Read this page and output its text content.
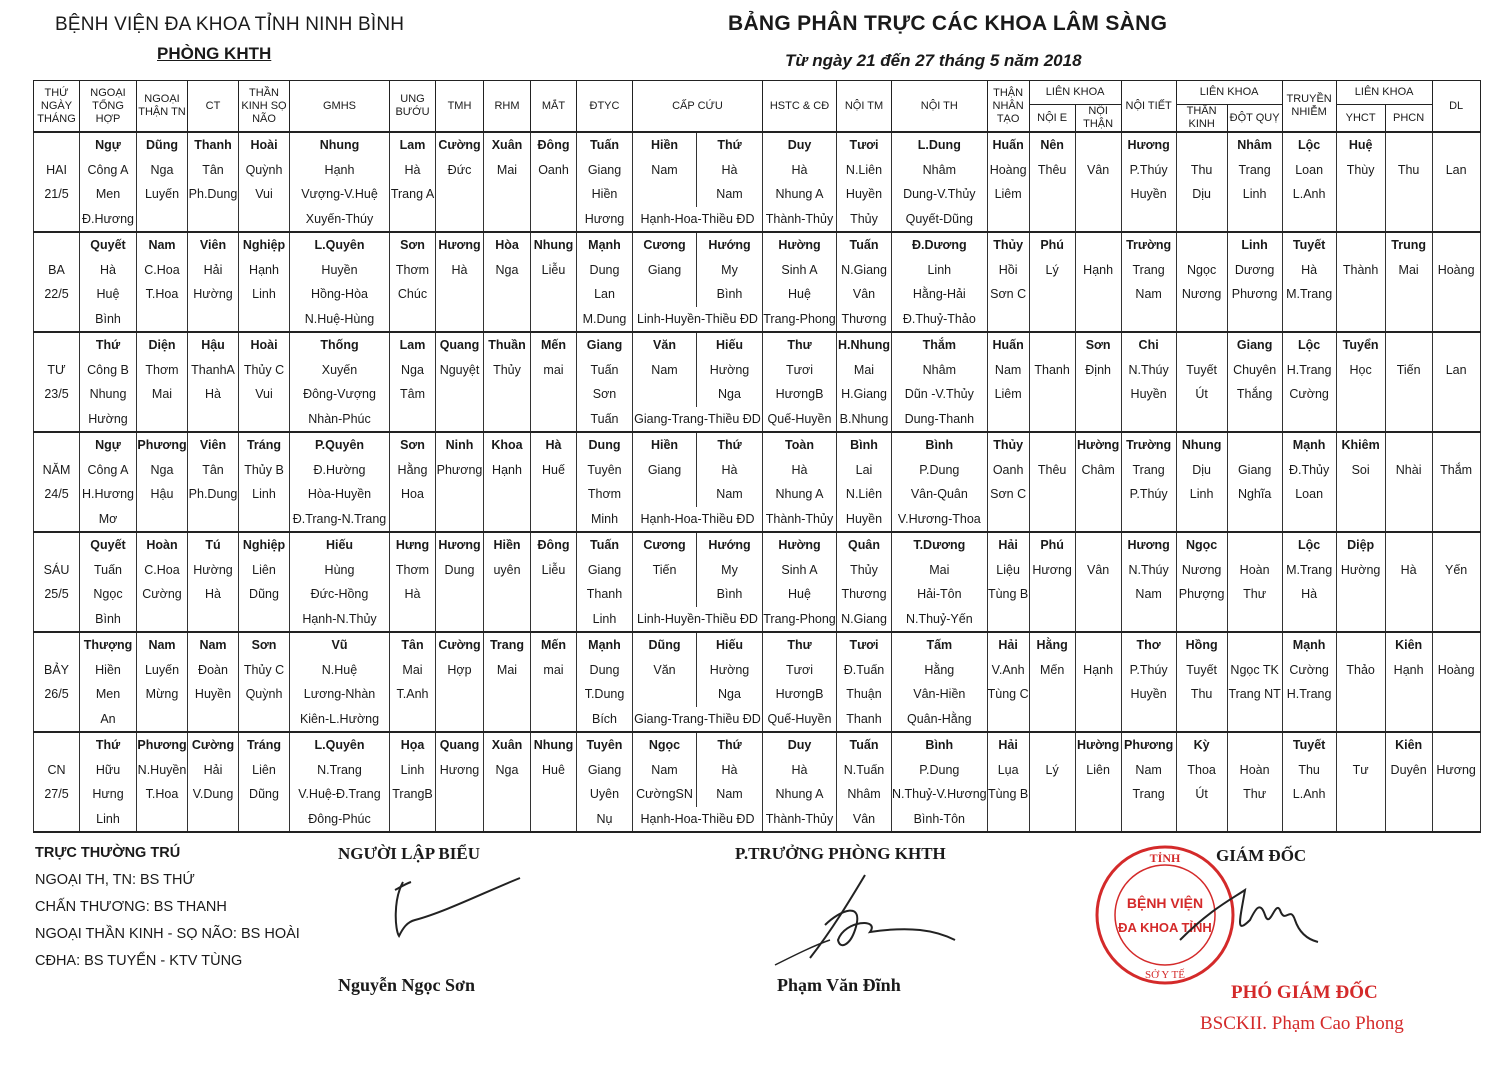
BỆNH VIỆN ĐA KHOA TỈNH NINH BÌNH
PHÒNG KHTH
BẢNG PHÂN TRỰC CÁC KHOA LÂM SÀNG
Từ ngày 21 đến 27 tháng 5 năm 2018
THỨ NGÀY THÁNG	NGOẠI TỔNG HỢP	NGOẠI THẬN TN	CT	THẦN KINH SỌ NÃO	GMHS	UNG BƯỚU	TMH	RHM	MẮT	ĐTYC	CẤP CỨU		HSTC & CĐ	NỘI TM	NỘI TH	THẬN NHÂN TẠO	LIÊN KHOA		NỘI TIẾT	LIÊN KHOA		TRUYỀN NHIỄM	LIÊN KHOA		DL
																	NỘI E	NỘI THẬN		THẦN KINH	ĐỘT QUỴ		YHCT	PHCN	
	Ngự	Dũng	Thanh	Hoài	Nhung	Lam	Cường	Xuân	Đông	Tuấn	Hiền	Thứ	Duy	Tươi	L.Dung	Huấn	Nên		Hương		Nhâm	Lộc	Huệ		
HAI	Công A	Nga	Tân	Quỳnh	Hạnh	Hà	Đức	Mai	Oanh	Giang	Nam	Hà	Hà	N.Liên	Nhâm	Hoàng	Thêu	Vân	P.Thúy	Thu	Trang	Loan	Thùy	Thu	Lan
21/5	Men	Luyến	Ph.Dung	Vui	Vượng-V.Huệ	Trang A				Hiền		Nam	Nhung A	Huyền	Dung-V.Thủy	Liêm			Huyền	Dịu	Linh	L.Anh			
	Đ.Hương				Xuyến-Thúy					Hương	Hạnh-Hoa-Thiều ĐD		Thành-Thủy	Thủy	Quyết-Dũng										
	Quyết	Nam	Viên	Nghiệp	L.Quyên	Sơn	Hương	Hòa	Nhung	Mạnh	Cương	Hướng	Hường	Tuấn	Đ.Dương	Thủy	Phú		Trường		Linh	Tuyết		Trung	
BA	Hà	C.Hoa	Hải	Hạnh	Huyền	Thơm	Hà	Nga	Liễu	Dung	Giang	My	Sinh A	N.Giang	Linh	Hồi	Lý	Hạnh	Trang	Ngọc	Dương	Hà	Thành	Mai	Hoàng
22/5	Huệ	T.Hoa	Hường	Linh	Hồng-Hòa	Chúc				Lan		Bình	Huệ	Vân	Hằng-Hải	Sơn C			Nam	Nương	Phương	M.Trang			
	Bình				N.Huệ-Hùng					M.Dung	Linh-Huyền-Thiều ĐD		Trang-Phong	Thương	Đ.Thuỷ-Thảo										
	Thứ	Diện	Hậu	Hoài	Thống	Lam	Quang	Thuần	Mến	Giang	Văn	Hiếu	Thư	H.Nhung	Thắm	Huấn		Sơn	Chi		Giang	Lộc	Tuyển		
TƯ	Công B	Thơm	ThanhA	Thủy C	Xuyến	Nga	Nguyệt	Thủy	mai	Tuấn	Nam	Hường	Tươi	Mai	Nhâm	Nam	Thanh	Định	N.Thúy	Tuyết	Chuyên	H.Trang	Học	Tiến	Lan
23/5	Nhung	Mai	Hà	Vui	Đông-Vượng	Tâm				Sơn		Nga	HươngB	H.Giang	Dũn -V.Thủy	Liêm			Huyền	Út	Thắng	Cường			
	Hường				Nhàn-Phúc					Tuấn	Giang-Trang-Thiều ĐD		Quế-Huyền	B.Nhung	Dung-Thanh										
	Ngự	Phương	Viên	Tráng	P.Quyên	Sơn	Ninh	Khoa	Hà	Dung	Hiền	Thứ	Toàn	Bình	Bình	Thủy		Hường	Trường	Nhung		Mạnh	Khiêm		
NĂM	Công A	Nga	Tân	Thủy B	Đ.Hường	Hằng	Phương	Hạnh	Huế	Tuyên	Giang	Hà	Hà	Lai	P.Dung	Oanh	Thêu	Châm	Trang	Dịu	Giang	Đ.Thủy	Soi	Nhài	Thắm
24/5	H.Hương	Hậu	Ph.Dung	Linh	Hòa-Huyền	Hoa				Thơm		Nam	Nhung A	N.Liên	Vân-Quân	Sơn C			P.Thúy	Linh	Nghĩa	Loan			
	Mơ				Đ.Trang-N.Trang					Minh	Hạnh-Hoa-Thiều ĐD		Thành-Thủy	Huyền	V.Hương-Thoa										
	Quyết	Hoàn	Tú	Nghiệp	Hiếu	Hưng	Hương	Hiền	Đông	Tuấn	Cương	Hướng	Hường	Quân	T.Dương	Hải	Phú		Hương	Ngọc		Lộc	Diệp		
SÁU	Tuấn	C.Hoa	Hường	Liên	Hùng	Thơm	Dung	uyên	Liễu	Giang	Tiến	My	Sinh A	Thủy	Mai	Liệu	Hương	Vân	N.Thúy	Nương	Hoàn	M.Trang	Hường	Hà	Yến
25/5	Ngọc	Cường	Hà	Dũng	Đức-Hồng	Hà				Thanh		Bình	Huệ	Thương	Hải-Tôn	Tùng B			Nam	Phượng	Thư	Hà			
	Bình				Hạnh-N.Thủy					Linh	Linh-Huyền-Thiều ĐD		Trang-Phong	N.Giang	N.Thuỷ-Yến										
	Thượng	Nam	Nam	Sơn	Vũ	Tân	Cường	Trang	Mến	Mạnh	Dũng	Hiếu	Thư	Tươi	Tấm	Hải	Hằng		Thơ	Hồng		Mạnh		Kiên	
BẢY	Hiền	Luyến	Đoàn	Thủy C	N.Huệ	Mai	Hợp	Mai	mai	Dung	Văn	Hường	Tươi	Đ.Tuấn	Hằng	V.Anh	Mến	Hạnh	P.Thúy	Tuyết	Ngọc TK	Cường	Thảo	Hạnh	Hoàng
26/5	Men	Mừng	Huyền	Quỳnh	Lương-Nhàn	T.Anh				T.Dung		Nga	HươngB	Thuận	Vân-Hiền	Tùng C			Huyền	Thu	Trang NT	H.Trang			
	An				Kiên-L.Hường					Bích	Giang-Trang-Thiều ĐD		Quế-Huyền	Thanh	Quân-Hằng										
	Thứ	Phương	Cường	Tráng	L.Quyên	Họa	Quang	Xuân	Nhung	Tuyên	Ngọc	Thứ	Duy	Tuấn	Bình	Hải		Hường	Phương	Kỳ		Tuyết		Kiên	
CN	Hữu	N.Huyền	Hải	Liên	N.Trang	Linh	Hương	Nga	Huê	Giang	Nam	Hà	Hà	N.Tuấn	P.Dung	Lụa	Lý	Liên	Nam	Thoa	Hoàn	Thu	Tư	Duyên	Hương
27/5	Hưng	T.Hoa	V.Dung	Dũng	V.Huệ-Đ.Trang	TrangB				Uyên	CườngSN	Nam	Nhung A	Nhâm	N.Thuỷ-V.Hương	Tùng B			Trang	Út	Thư	L.Anh			
	Linh				Đông-Phúc					Nụ	Hạnh-Hoa-Thiều ĐD		Thành-Thủy	Vân	Bình-Tôn										
TRỰC THƯỜNG TRÚ
NGOẠI TH, TN: BS THỨ
CHẤN THƯƠNG: BS THANH
NGOẠI THẦN KINH - SỌ NÃO: BS HOÀI
CĐHA: BS TUYỂN - KTV TÙNG
NGƯỜI LẬP BIỂU
Nguyễn Ngọc Sơn
P.TRƯỞNG PHÒNG KHTH
Phạm Văn Đĩnh
TỈNH
BỆNH VIỆN
ĐA KHOA TỈNH
SỞ Y TẾ
GIÁM ĐỐC
PHÓ GIÁM ĐỐC
BSCKII. Phạm Cao Phong
